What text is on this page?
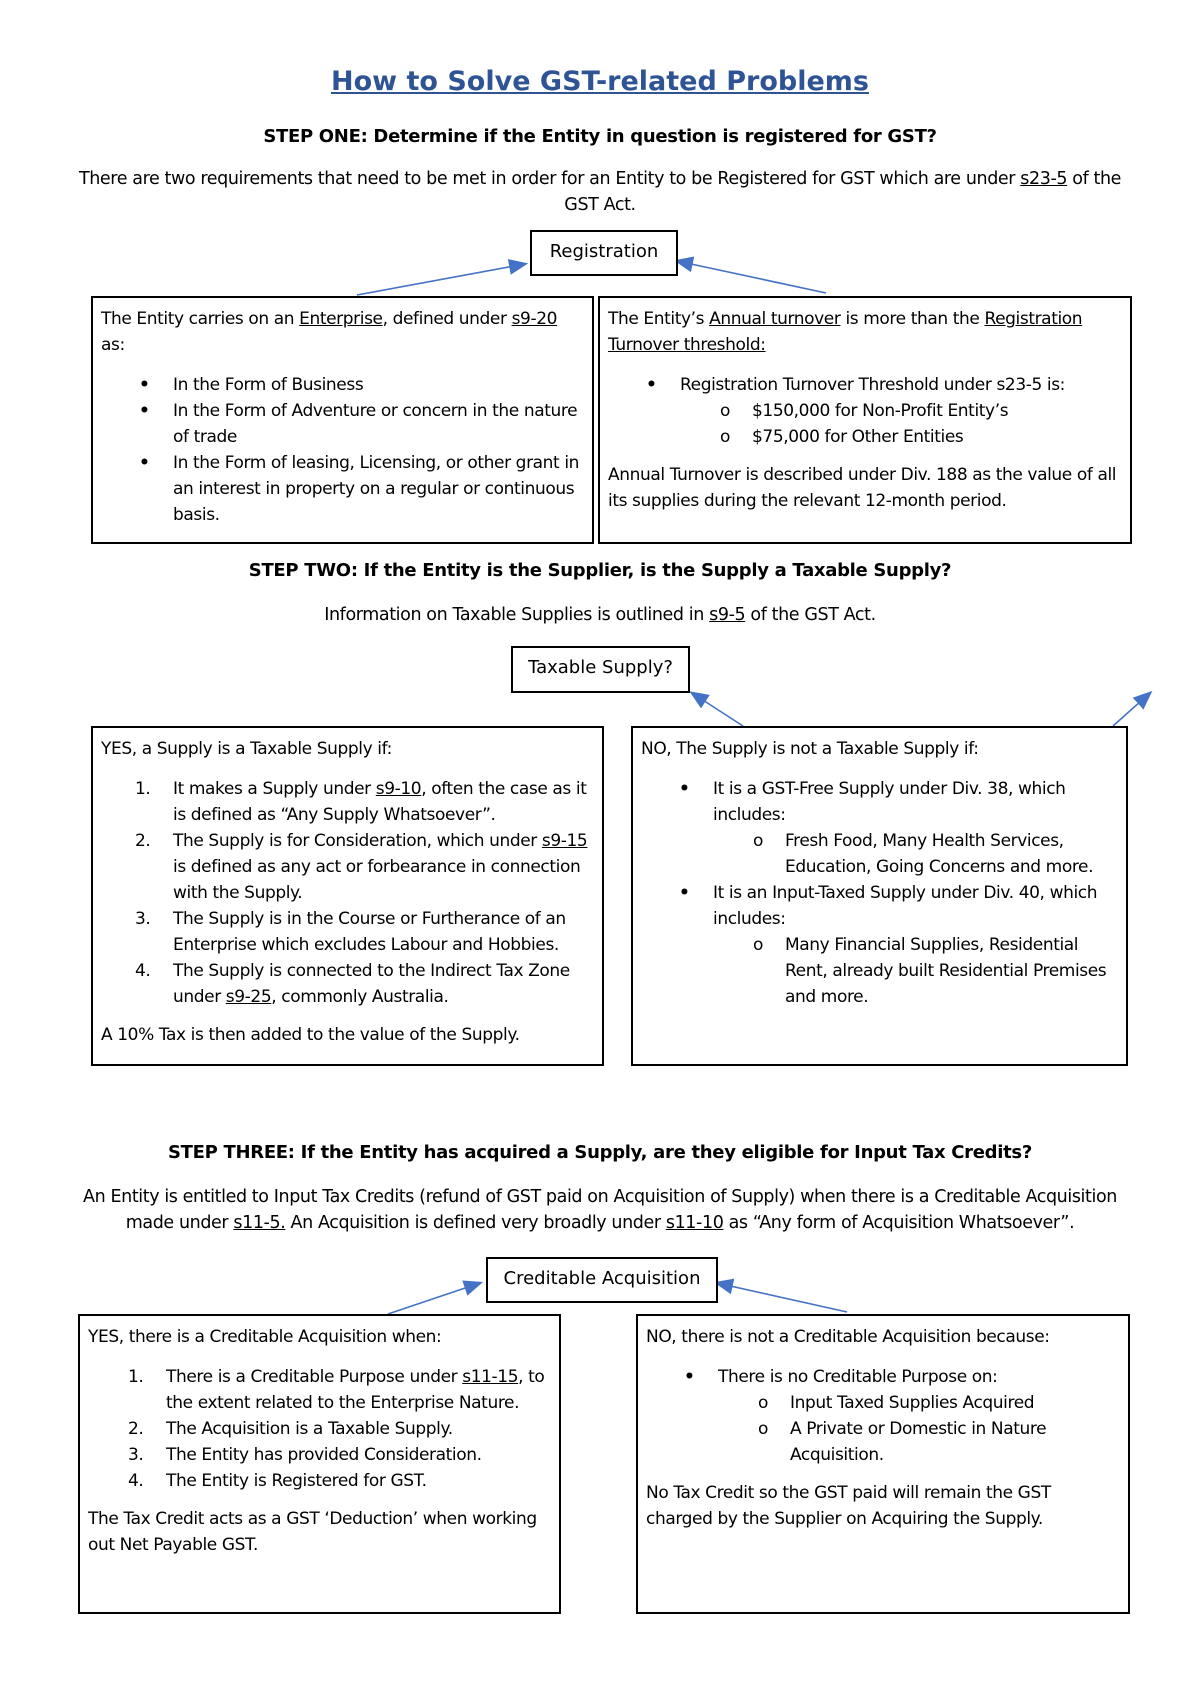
How to Solve GST-related Problems
STEP ONE: Determine if the Entity in question is registered for GST?
There are two requirements that need to be met in order for an Entity to be Registered for GST which are under s23-5 of the GST Act.
Registration
The Entity carries on an Enterprise, defined under s9-20 as:
• In the Form of Business
• In the Form of Adventure or concern in the nature of trade
• In the Form of leasing, Licensing, or other grant in an interest in property on a regular or continuous basis.
The Entity’s Annual turnover is more than the Registration Turnover threshold:
• Registration Turnover Threshold under s23-5 is:
o $150,000 for Non-Profit Entity’s
o $75,000 for Other Entities
Annual Turnover is described under Div. 188 as the value of all its supplies during the relevant 12-month period.
STEP TWO: If the Entity is the Supplier, is the Supply a Taxable Supply?
Information on Taxable Supplies is outlined in s9-5 of the GST Act.
Taxable Supply?
YES, a Supply is a Taxable Supply if:
1. It makes a Supply under s9-10, often the case as it is defined as “Any Supply Whatsoever”.
2. The Supply is for Consideration, which under s9-15 is defined as any act or forbearance in connection with the Supply.
3. The Supply is in the Course or Furtherance of an Enterprise which excludes Labour and Hobbies.
4. The Supply is connected to the Indirect Tax Zone under s9-25, commonly Australia.
A 10% Tax is then added to the value of the Supply.
NO, The Supply is not a Taxable Supply if:
• It is a GST-Free Supply under Div. 38, which includes:
o Fresh Food, Many Health Services, Education, Going Concerns and more.
• It is an Input-Taxed Supply under Div. 40, which includes:
o Many Financial Supplies, Residential Rent, already built Residential Premises and more.
STEP THREE: If the Entity has acquired a Supply, are they eligible for Input Tax Credits?
An Entity is entitled to Input Tax Credits (refund of GST paid on Acquisition of Supply) when there is a Creditable Acquisition
made under s11-5. An Acquisition is defined very broadly under s11-10 as “Any form of Acquisition Whatsoever”.
Creditable Acquisition
YES, there is a Creditable Acquisition when:
1. There is a Creditable Purpose under s11-15, to the extent related to the Enterprise Nature.
2. The Acquisition is a Taxable Supply.
3. The Entity has provided Consideration.
4. The Entity is Registered for GST.
The Tax Credit acts as a GST ‘Deduction’ when working out Net Payable GST.
NO, there is not a Creditable Acquisition because:
• There is no Creditable Purpose on:
o Input Taxed Supplies Acquired
o A Private or Domestic in Nature Acquisition.
No Tax Credit so the GST paid will remain the GST charged by the Supplier on Acquiring the Supply.
